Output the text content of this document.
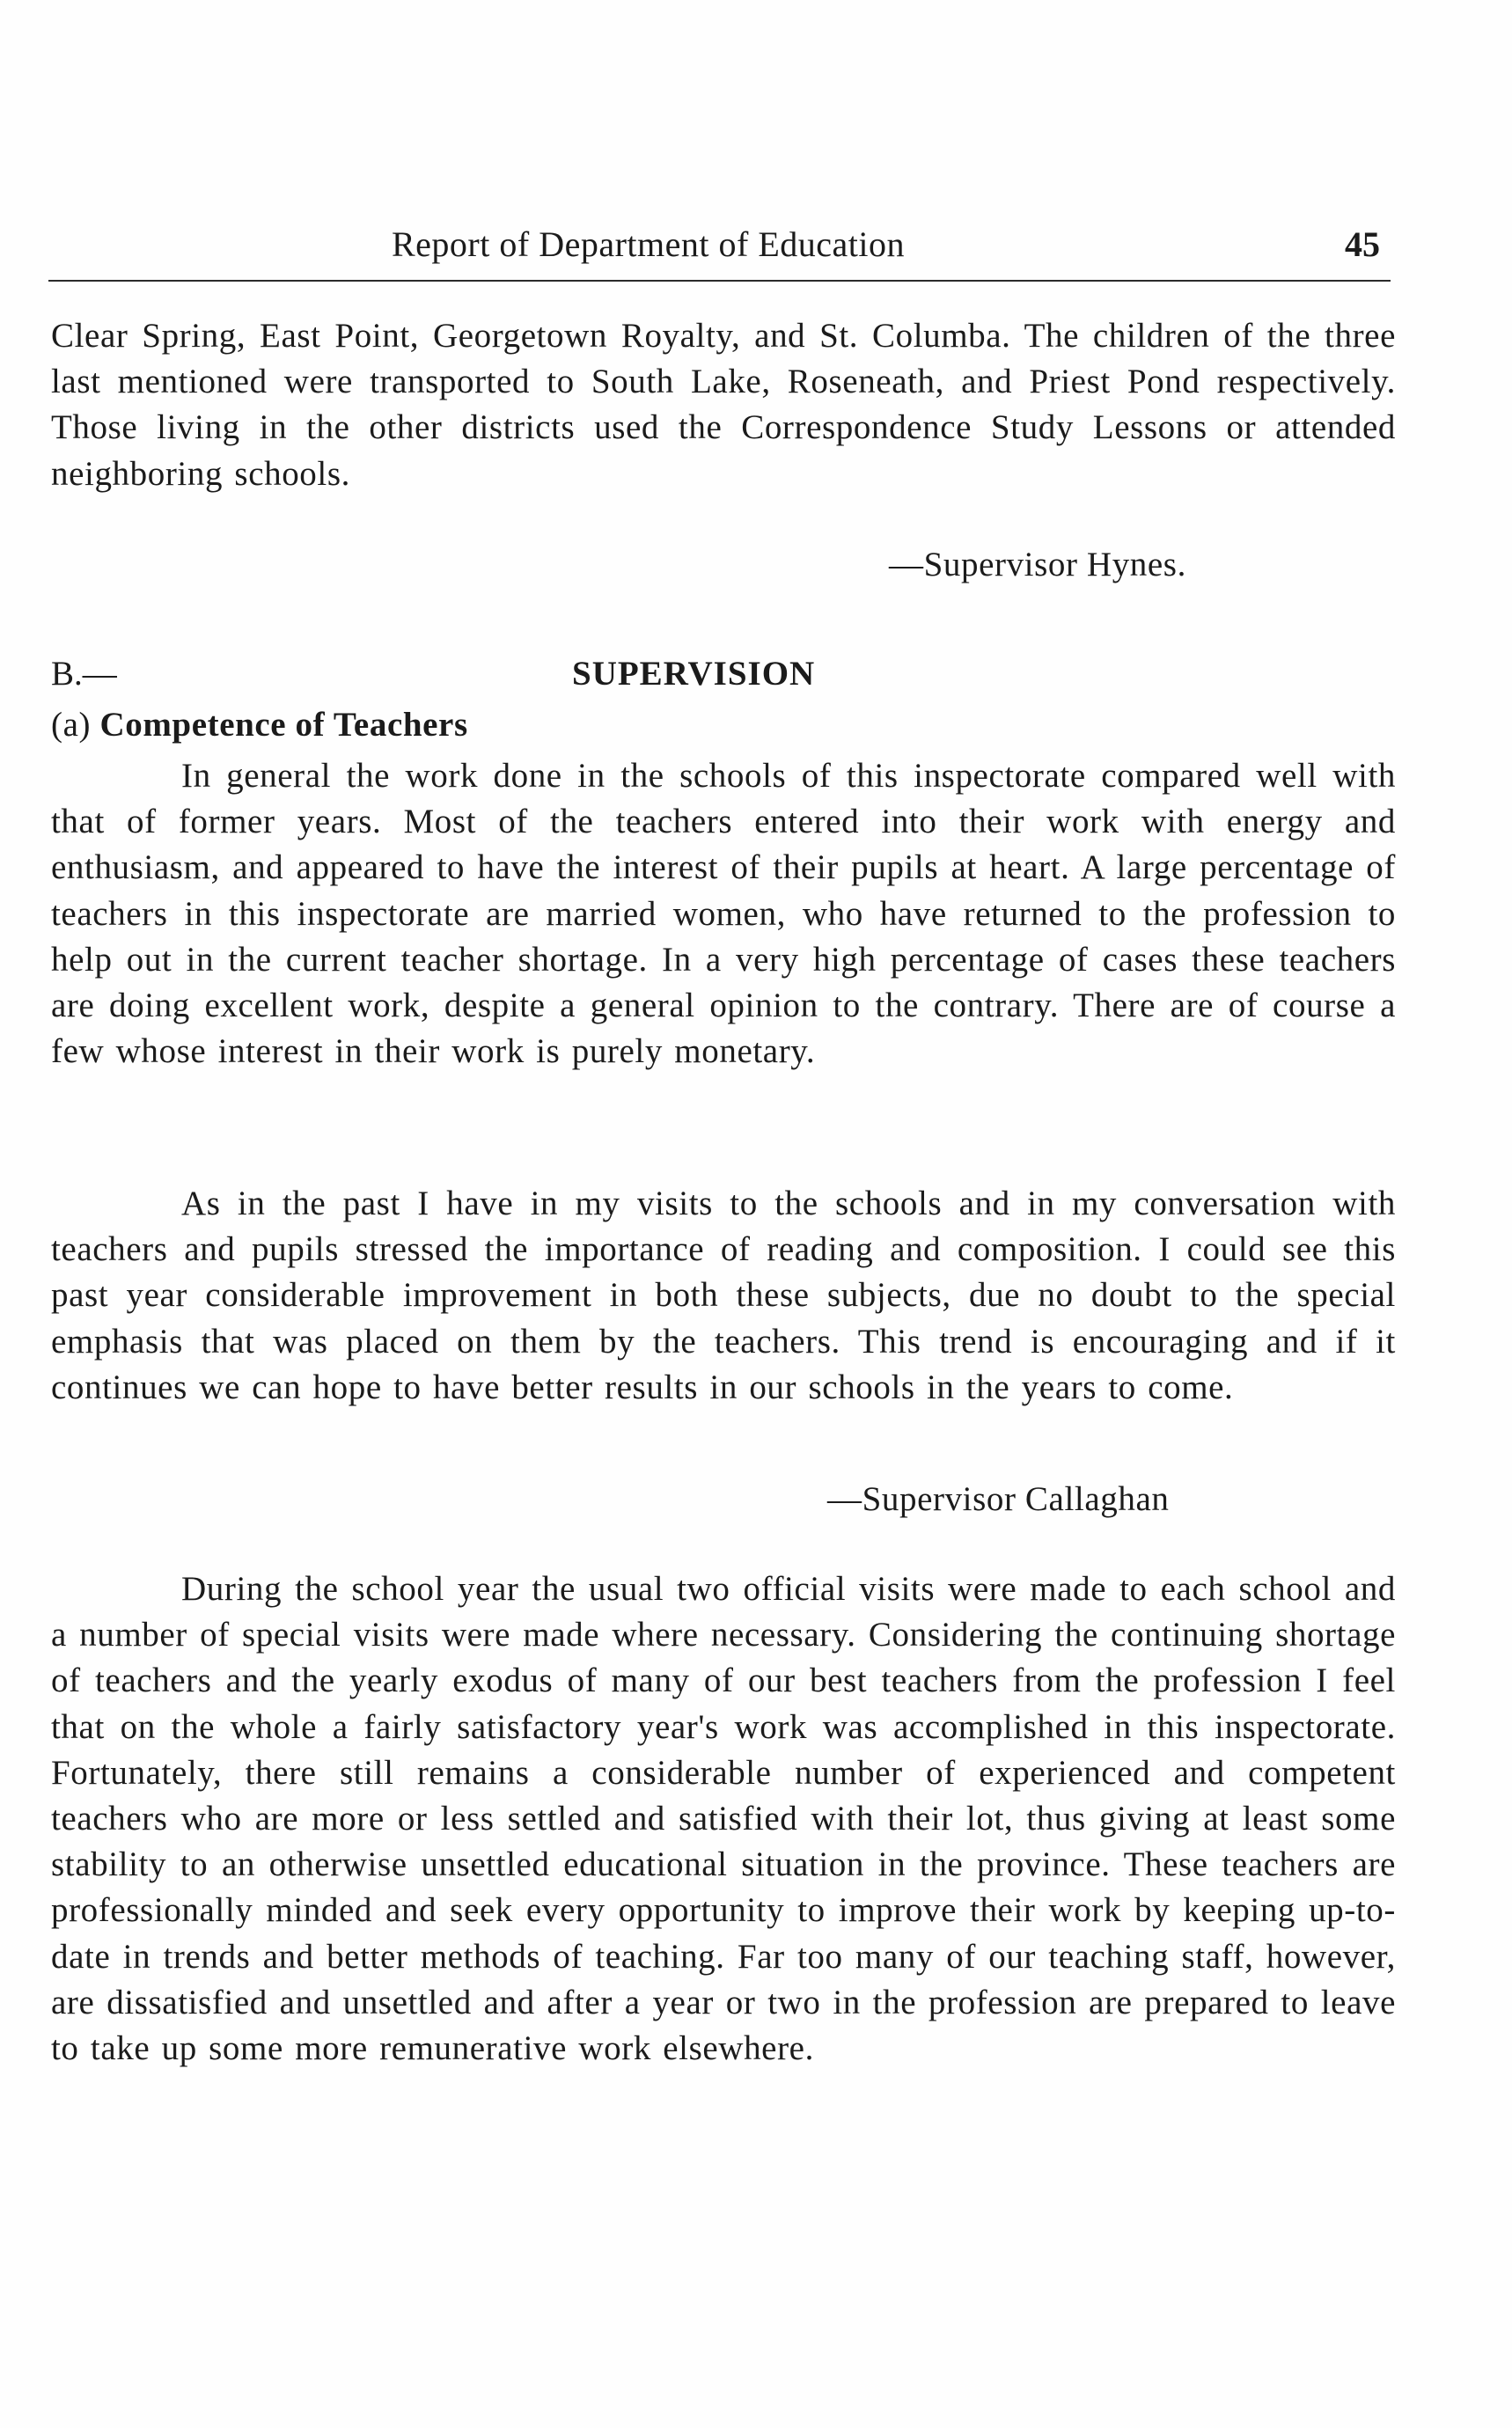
Report of Department of Education	45

Clear Spring, East Point, Georgetown Royalty, and St. Columba. The children of the three last mentioned were transported to South Lake, Roseneath, and Priest Pond respectively. Those living in the other districts used the Correspondence Study Lessons or attended neighboring schools.

—Supervisor Hynes.

B.—	SUPERVISION

(a) Competence of Teachers

In general the work done in the schools of this inspectorate compared well with that of former years. Most of the teachers entered into their work with energy and enthusiasm, and appeared to have the interest of their pupils at heart. A large percentage of teachers in this inspectorate are married women, who have returned to the profession to help out in the current teacher shortage. In a very high percentage of cases these teachers are doing excellent work, despite a general opinion to the contrary. There are of course a few whose interest in their work is purely monetary.

As in the past I have in my visits to the schools and in my conversation with teachers and pupils stressed the importance of reading and composition. I could see this past year considerable improvement in both these subjects, due no doubt to the special emphasis that was placed on them by the teachers. This trend is encouraging and if it continues we can hope to have better results in our schools in the years to come.

—Supervisor Callaghan

During the school year the usual two official visits were made to each school and a number of special visits were made where necessary. Considering the continuing shortage of teachers and the yearly exodus of many of our best teachers from the profession I feel that on the whole a fairly satisfactory year's work was accomplished in this inspectorate. Fortunately, there still remains a considerable number of experienced and competent teachers who are more or less settled and satisfied with their lot, thus giving at least some stability to an otherwise unsettled educational situation in the province. These teachers are professionally minded and seek every opportunity to improve their work by keeping up-to-date in trends and better methods of teaching. Far too many of our teaching staff, however, are dissatisfied and unsettled and after a year or two in the profession are prepared to leave to take up some more remunerative work elsewhere.
